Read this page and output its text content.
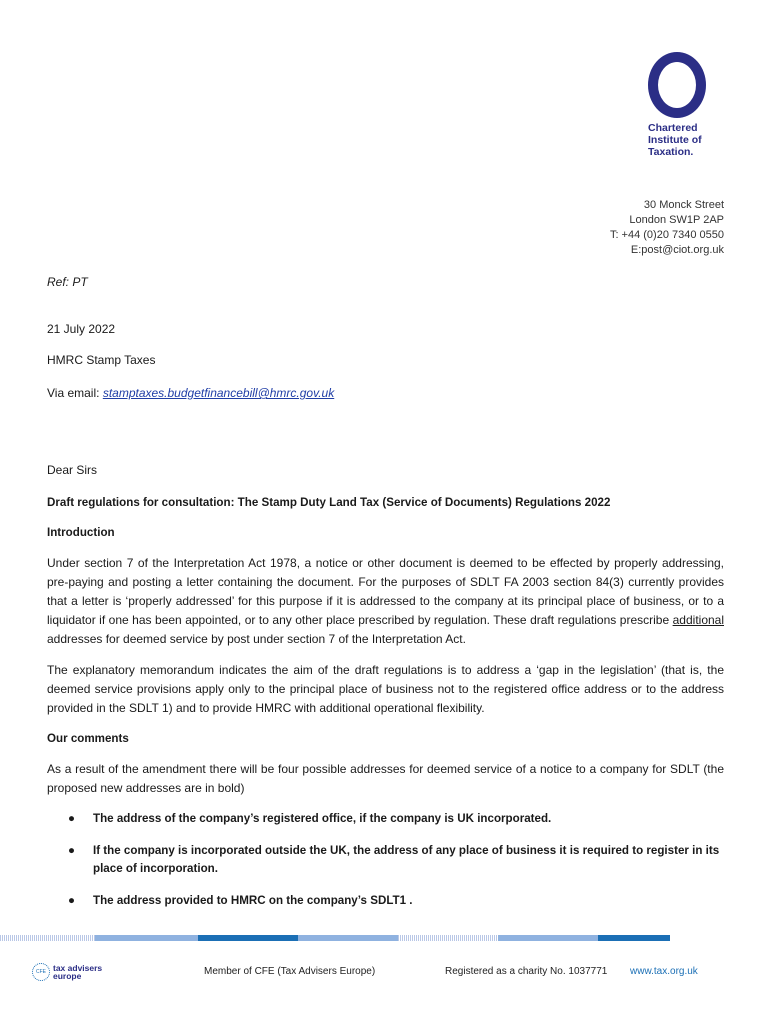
Chartered
Institute of
Taxation.
30 Monck Street
London SW1P 2AP
T: +44 (0)20 7340 0550
E:post@ciot.org.uk
Ref: PT
21 July 2022
HMRC Stamp Taxes
Via email: stamptaxes.budgetfinancebill@hmrc.gov.uk
Dear Sirs
Draft regulations for consultation: The Stamp Duty Land Tax (Service of Documents) Regulations 2022
Introduction
Under section 7 of the Interpretation Act 1978, a notice or other document is deemed to be effected by properly addressing, pre-paying and posting a letter containing the document. For the purposes of SDLT FA 2003 section 84(3) currently provides that a letter is ‘properly addressed’ for this purpose if it is addressed to the company at its principal place of business, or to a liquidator if one has been appointed, or to any other place prescribed by regulation. These draft regulations prescribe additional addresses for deemed service by post under section 7 of the Interpretation Act.
The explanatory memorandum indicates the aim of the draft regulations is to address a ‘gap in the legislation’ (that is, the deemed service provisions apply only to the principal place of business not to the registered office address or to the address provided in the SDLT 1) and to provide HMRC with additional operational flexibility.
Our comments
As a result of the amendment there will be four possible addresses for deemed service of a notice to a company for SDLT (the proposed new addresses are in bold)
● The address of the company’s registered office, if the company is UK incorporated.
● If the company is incorporated outside the UK, the address of any place of business it is required to register in its place of incorporation.
● The address provided to HMRC on the company’s SDLT1 .
CFE tax advisers
europe	Member of CFE (Tax Advisers Europe)	Registered as a charity No. 1037771 www.tax.org.uk
